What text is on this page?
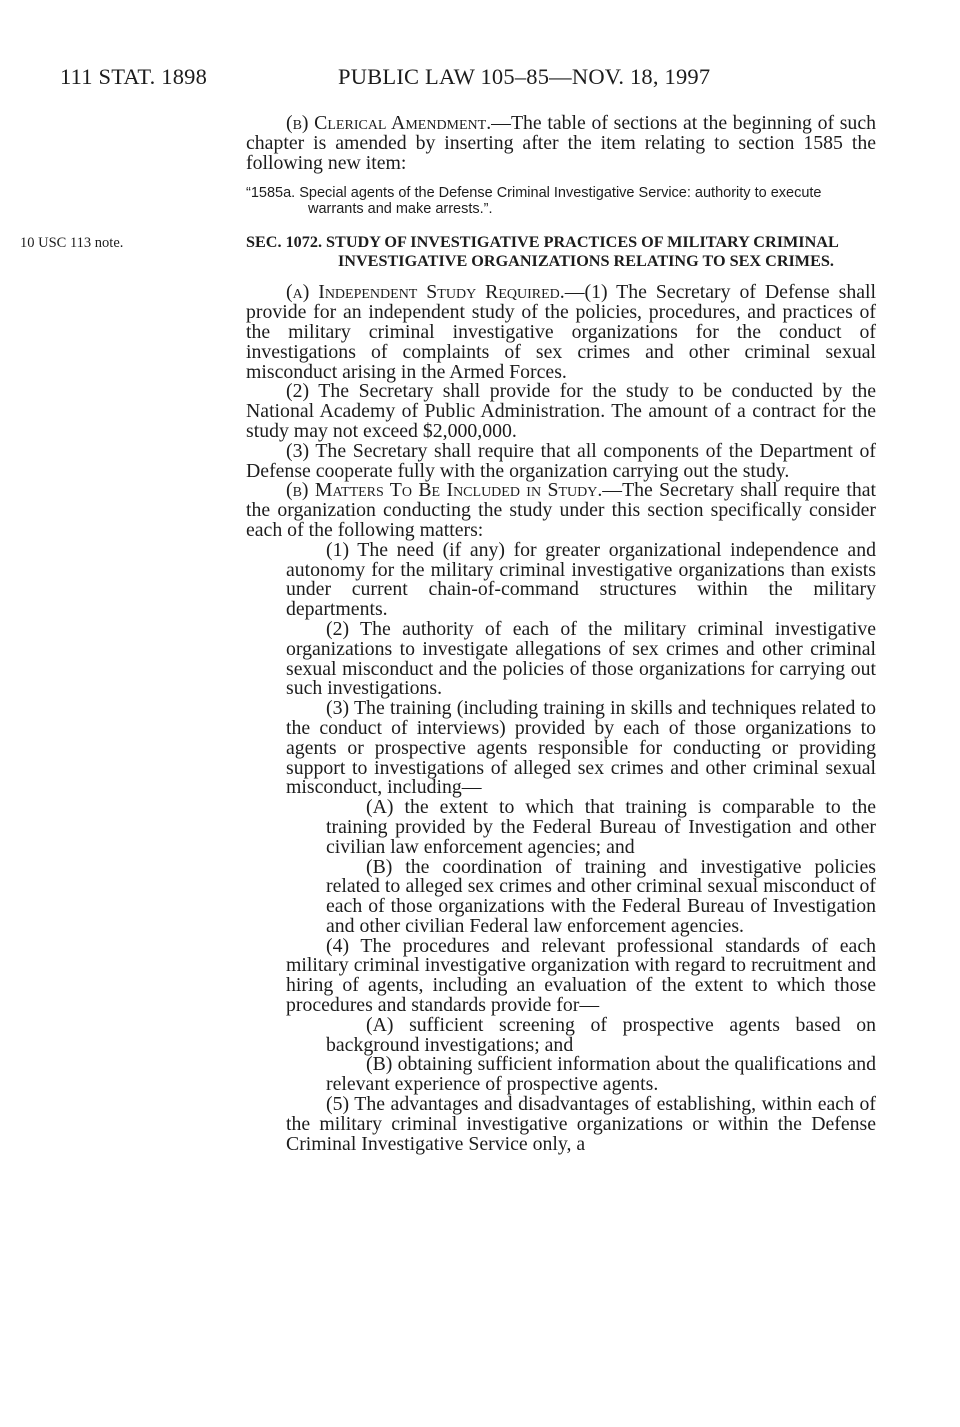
111 STAT. 1898	PUBLIC LAW 105–85—NOV. 18, 1997

(b) Clerical Amendment.—The table of sections at the beginning of such chapter is amended by inserting after the item relating to section 1585 the following new item:

“1585a. Special agents of the Defense Criminal Investigative Service: authority to execute warrants and make arrests.”.

10 USC 113 note.	SEC. 1072. STUDY OF INVESTIGATIVE PRACTICES OF MILITARY CRIMINAL INVESTIGATIVE ORGANIZATIONS RELATING TO SEX CRIMES.

(a) Independent Study Required.—(1) The Secretary of Defense shall provide for an independent study of the policies, procedures, and practices of the military criminal investigative organizations for the conduct of investigations of complaints of sex crimes and other criminal sexual misconduct arising in the Armed Forces.

(2) The Secretary shall provide for the study to be conducted by the National Academy of Public Administration. The amount of a contract for the study may not exceed $2,000,000.

(3) The Secretary shall require that all components of the Department of Defense cooperate fully with the organization carrying out the study.

(b) Matters To Be Included in Study.—The Secretary shall require that the organization conducting the study under this section specifically consider each of the following matters:

(1) The need (if any) for greater organizational independence and autonomy for the military criminal investigative organizations than exists under current chain-of-command structures within the military departments.

(2) The authority of each of the military criminal investigative organizations to investigate allegations of sex crimes and other criminal sexual misconduct and the policies of those organizations for carrying out such investigations.

(3) The training (including training in skills and techniques related to the conduct of interviews) provided by each of those organizations to agents or prospective agents responsible for conducting or providing support to investigations of alleged sex crimes and other criminal sexual misconduct, including—

(A) the extent to which that training is comparable to the training provided by the Federal Bureau of Investigation and other civilian law enforcement agencies; and

(B) the coordination of training and investigative policies related to alleged sex crimes and other criminal sexual misconduct of each of those organizations with the Federal Bureau of Investigation and other civilian Federal law enforcement agencies.

(4) The procedures and relevant professional standards of each military criminal investigative organization with regard to recruitment and hiring of agents, including an evaluation of the extent to which those procedures and standards provide for—

(A) sufficient screening of prospective agents based on background investigations; and

(B) obtaining sufficient information about the qualifications and relevant experience of prospective agents.

(5) The advantages and disadvantages of establishing, within each of the military criminal investigative organizations or within the Defense Criminal Investigative Service only, a
